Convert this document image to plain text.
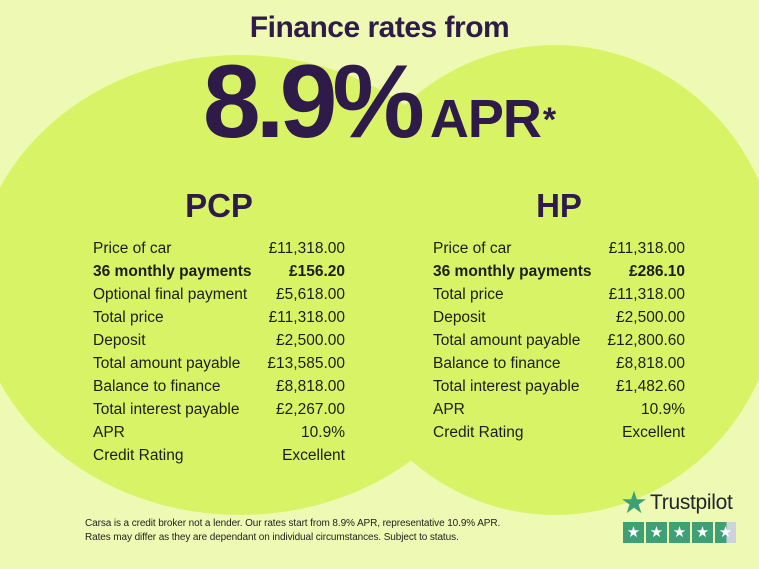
Finance rates from
8.9% APR*
PCP
Price of car	£11,318.00
36 monthly payments £156.20
Optional final payment £5,618.00
Total price	£11,318.00
Deposit	£2,500.00
Total amount payable £13,585.00
Balance to finance	£8,818.00
Total interest payable £2,267.00
APR	10.9%
Credit Rating	Excellent
HP
Price of car	£11,318.00
36 monthly payments £286.10
Total price	£11,318.00
Deposit	£2,500.00
Total amount payable £12,800.60
Balance to finance	£8,818.00
Total interest payable £1,482.60
APR	10.9%
Credit Rating	Excellent
Carsa is a credit broker not a lender. Our rates start from 8.9% APR, representative 10.9% APR.
Rates may differ as they are dependant on individual circumstances. Subject to status.
★ Trustpilot
★ ★ ★ ★ ★
